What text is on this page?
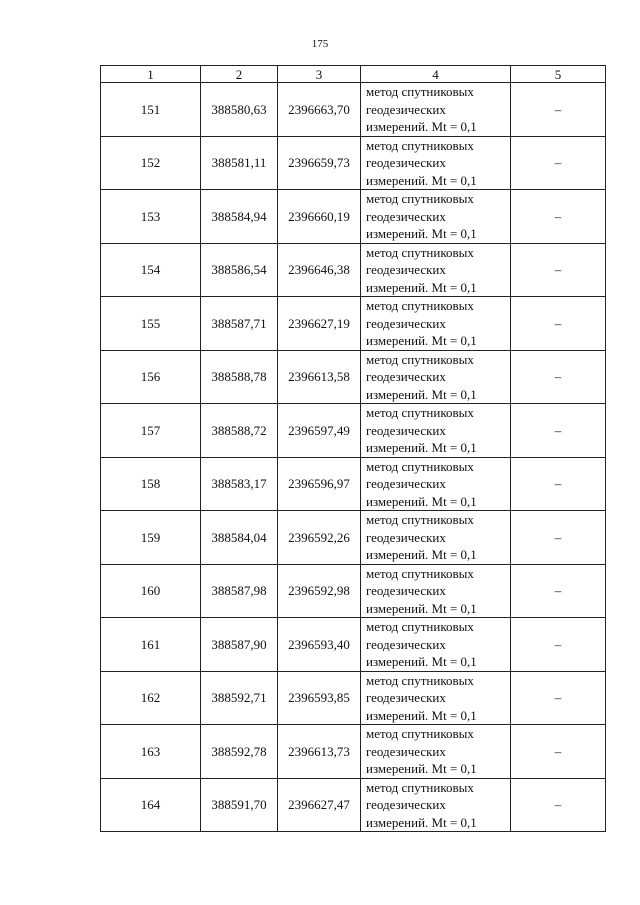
175
1	2	3	4	5
151	388580,63	2396663,70	метод спутниковых
геодезических
измерений. Mt = 0,1	–
152	388581,11	2396659,73	метод спутниковых
геодезических
измерений. Mt = 0,1	–
153	388584,94	2396660,19	метод спутниковых
геодезических
измерений. Mt = 0,1	–
154	388586,54	2396646,38	метод спутниковых
геодезических
измерений. Mt = 0,1	–
155	388587,71	2396627,19	метод спутниковых
геодезических
измерений. Mt = 0,1	–
156	388588,78	2396613,58	метод спутниковых
геодезических
измерений. Mt = 0,1	–
157	388588,72	2396597,49	метод спутниковых
геодезических
измерений. Mt = 0,1	–
158	388583,17	2396596,97	метод спутниковых
геодезических
измерений. Mt = 0,1	–
159	388584,04	2396592,26	метод спутниковых
геодезических
измерений. Mt = 0,1	–
160	388587,98	2396592,98	метод спутниковых
геодезических
измерений. Mt = 0,1	–
161	388587,90	2396593,40	метод спутниковых
геодезических
измерений. Mt = 0,1	–
162	388592,71	2396593,85	метод спутниковых
геодезических
измерений. Mt = 0,1	–
163	388592,78	2396613,73	метод спутниковых
геодезических
измерений. Mt = 0,1	–
164	388591,70	2396627,47	метод спутниковых
геодезических
измерений. Mt = 0,1	–
